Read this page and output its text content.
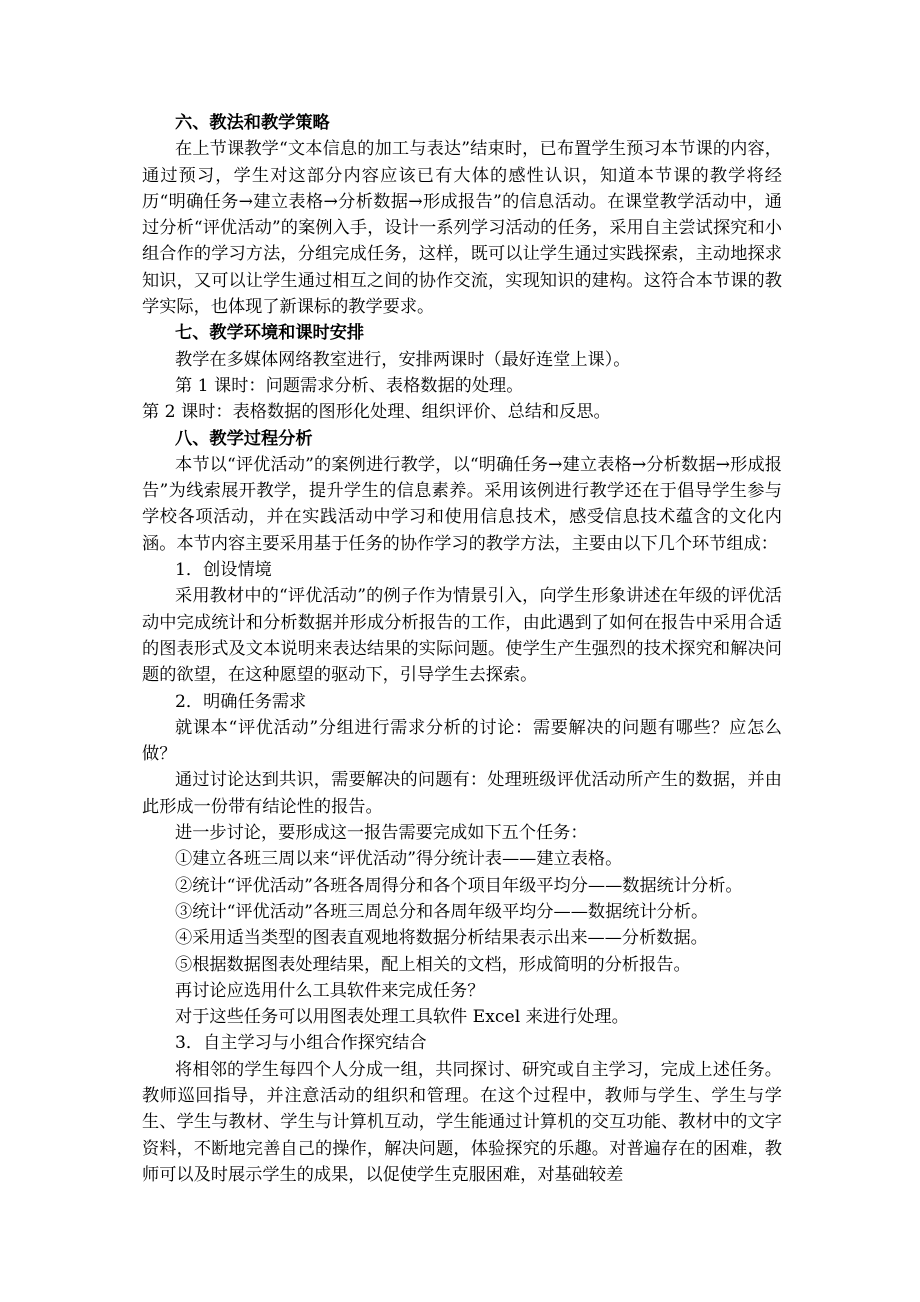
六、教法和教学策略

在上节课教学“文本信息的加工与表达”结束时，已布置学生预习本节课的内容，通过预习，学生对这部分内容应该已有大体的感性认识，知道本节课的教学将经历“明确任务→建立表格→分析数据→形成报告”的信息活动。在课堂教学活动中，通过分析“评优活动”的案例入手，设计一系列学习活动的任务，采用自主尝试探究和小组合作的学习方法，分组完成任务，这样，既可以让学生通过实践探索，主动地探求知识，又可以让学生通过相互之间的协作交流，实现知识的建构。这符合本节课的教学实际，也体现了新课标的教学要求。

七、教学环境和课时安排

教学在多媒体网络教室进行，安排两课时（最好连堂上课）。

第 1 课时：问题需求分析、表格数据的处理。

第 2 课时：表格数据的图形化处理、组织评价、总结和反思。

八、教学过程分析

本节以“评优活动”的案例进行教学，以“明确任务→建立表格→分析数据→形成报告”为线索展开教学，提升学生的信息素养。采用该例进行教学还在于倡导学生参与学校各项活动，并在实践活动中学习和使用信息技术，感受信息技术蕴含的文化内涵。本节内容主要采用基于任务的协作学习的教学方法，主要由以下几个环节组成：

1．创设情境

采用教材中的“评优活动”的例子作为情景引入，向学生形象讲述在年级的评优活动中完成统计和分析数据并形成分析报告的工作，由此遇到了如何在报告中采用合适的图表形式及文本说明来表达结果的实际问题。使学生产生强烈的技术探究和解决问题的欲望，在这种愿望的驱动下，引导学生去探索。

2．明确任务需求

就课本“评优活动”分组进行需求分析的讨论：需要解决的问题有哪些？应怎么做？

通过讨论达到共识，需要解决的问题有：处理班级评优活动所产生的数据，并由此形成一份带有结论性的报告。

进一步讨论，要形成这一报告需要完成如下五个任务：

①建立各班三周以来“评优活动”得分统计表——建立表格。

②统计“评优活动”各班各周得分和各个项目年级平均分——数据统计分析。

③统计“评优活动”各班三周总分和各周年级平均分——数据统计分析。

④采用适当类型的图表直观地将数据分析结果表示出来——分析数据。

⑤根据数据图表处理结果，配上相关的文档，形成简明的分析报告。

再讨论应选用什么工具软件来完成任务？

对于这些任务可以用图表处理工具软件 Excel 来进行处理。

3．自主学习与小组合作探究结合

将相邻的学生每四个人分成一组，共同探讨、研究或自主学习，完成上述任务。教师巡回指导，并注意活动的组织和管理。在这个过程中，教师与学生、学生与学生、学生与教材、学生与计算机互动，学生能通过计算机的交互功能、教材中的文字资料，不断地完善自己的操作，解决问题，体验探究的乐趣。对普遍存在的困难，教师可以及时展示学生的成果，以促使学生克服困难，对基础较差
